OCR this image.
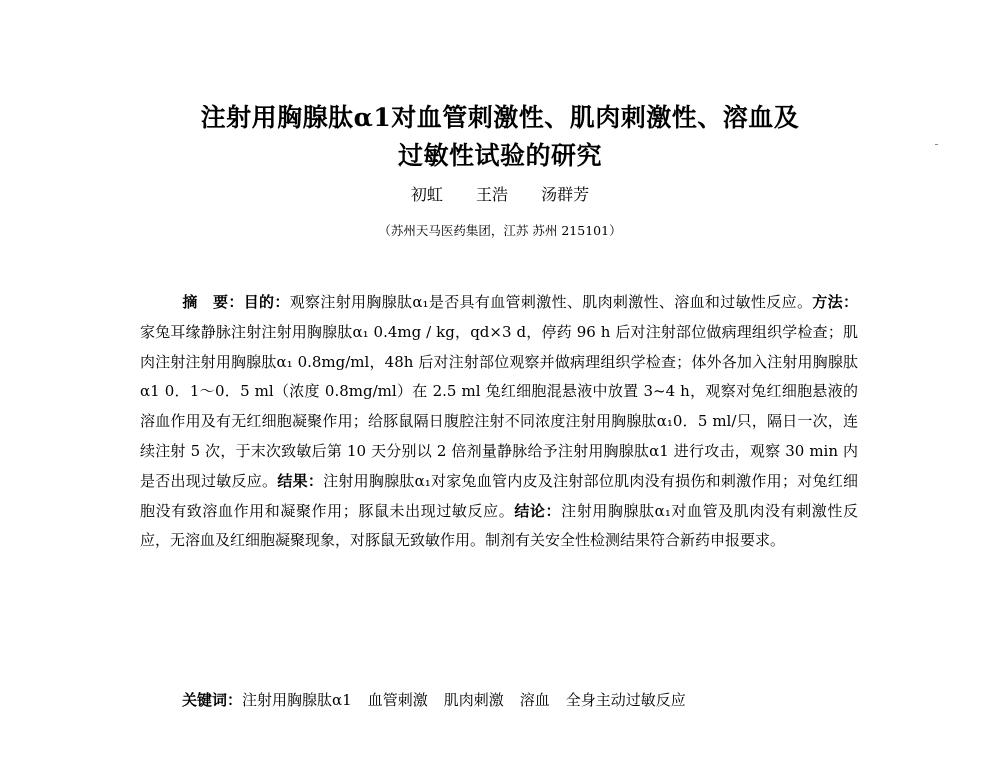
注射用胸腺肽α1对血管刺激性、肌肉刺激性、溶血及
过敏性试验的研究
初虹 王浩 汤群芳
（苏州天马医药集团，江苏 苏州 215101）
摘　要：目的：观察注射用胸腺肽α₁是否具有血管刺激性、肌肉刺激性、溶血和过敏性反应。方法：家兔耳缘静脉注射注射用胸腺肽α₁ 0.4mg / kg，qd×3 d，停药 96 h 后对注射部位做病理组织学检查；肌肉注射注射用胸腺肽α₁ 0.8mg/ml，48h 后对注射部位观察并做病理组织学检查；体外各加入注射用胸腺肽α1 0．1～0．5 ml（浓度 0.8mg/ml）在 2.5 ml 兔红细胞混悬液中放置 3~4 h，观察对兔红细胞悬液的溶血作用及有无红细胞凝聚作用；给豚鼠隔日腹腔注射不同浓度注射用胸腺肽α₁0．5 ml/只，隔日一次，连续注射 5 次，于末次致敏后第 10 天分别以 2 倍剂量静脉给予注射用胸腺肽α1 进行攻击，观察 30 min 内是否出现过敏反应。结果：注射用胸腺肽α₁对家兔血管内皮及注射部位肌肉没有损伤和刺激作用；对兔红细胞没有致溶血作用和凝聚作用；豚鼠未出现过敏反应。结论：注射用胸腺肽α₁对血管及肌肉没有刺激性反应，无溶血及红细胞凝聚现象，对豚鼠无致敏作用。制剂有关安全性检测结果符合新药申报要求。
关键词：注射用胸腺肽α1 血管刺激 肌肉刺激 溶血 全身主动过敏反应
